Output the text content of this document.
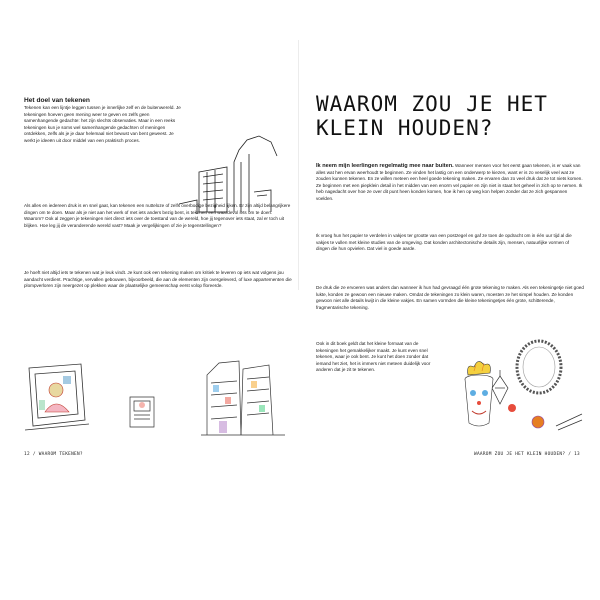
Het doel van tekenen

Tekenen kan een lijntje leggen tussen je innerlijke zelf en de buitenwereld. Je tekeningen hoeven geen mening weer te geven en zelfs geen samenhangende gedachte: het zijn slechts observaties. Maar in een reeks tekeningen kun je soms wel samenhangende gedachten of meningen ontdekken, zelfs als je je daar helemaal niet bewust van bent geweest. Je werkt je ideeën uit door middel van een praktisch proces.

Als alles en iedereen druk is en snel gaat, kan tekenen een nutteloze of zelfs overbodige bezigheid lijken. Er zijn altijd belangrijkere dingen om te doen. Maar als je niet aan het werk of met iets anders bezig bent, is tekenen een waardevol iets om te doen. Waarom? Ook al zeggen je tekeningen niet direct iets over de toestand van de wereld, hoe jij tegenover iets staat, zal er toch uit blijken. Hoe leg jij de veranderende wereld vast? Maak je vergelijkingen of zie je tegenstellingen?

Je hoeft niet altijd iets te tekenen wat je leuk vindt. Je kunt ook een tekening maken om kritiek te leveren op iets wat volgens jou aandacht verdient. Prachtige, vervallen gebouwen, bijvoorbeeld, die aan de elementen zijn overgeleverd, of luxe appartementen die plompverloren zijn neergezet op plekken waar de plaatselijke gemeenschap eerst volop floreerde.

12 / WAAROM TEKENEN?
WAAROM ZOU JE HET
KLEIN HOUDEN?

Ik neem mijn leerlingen regelmatig mee naar buiten. Wanneer mensen voor het eerst gaan tekenen, is er vaak van alles wat hen ervan weerhoudt te beginnen. Ze vinden het lastig om een onderwerp te kiezen, want er is zo veselijk veel wat ze zouden kunnen tekenen. En ze willen meteen een heel goede tekening maken. Ze ervaren dan zo veel druk dat ze tot niets komen. Ze beginnen met een piepklein detail in het midden van een enorm vel papier en zijn niet in staat het geheel in zich op te nemen. Ik heb nagedacht over hoe ze over dit punt heen konden komen, hoe ik hen op weg kon helpen zonder dat ze zich gespannen voelden.

Ik vroeg hun het papier te verdelen in vakjes ter grootte van een postzegel en gaf ze toen de opdracht om in één uur tijd al die vakjes te vullen met kleine studies van de omgeving. Dat konden architectonische details zijn, mensen, natuurlijke vormen of dingen die hun opvielen. Dat viel in goede aarde.

De druk die ze ervoeren was anders dan wanneer ik hun had gevraagd één grote tekening te maken. Als een tekeningetje niet goed lukte, konden ze gewoon een nieuwe maken. Omdat de tekeningen zo klein waren, moesten ze het simpel houden. Ze konden gewoon niet alle details kwijt in die kleine vakjes. En samen vormden die kleine tekeningetjes één grote, schitterende, fragmentarische tekening.

Ook in dit boek geldt dat het kleine formaat van de tekeningen het gemakkelijker maakt. Je kunt even snel tekenen, waar je ook bent. Je kunt het doen zonder dat iemand het ziet, het is immers niet meteen duidelijk voor anderen dat je zit te tekenen.

WAAROM ZOU JE HET KLEIN HOUDEN? / 13
